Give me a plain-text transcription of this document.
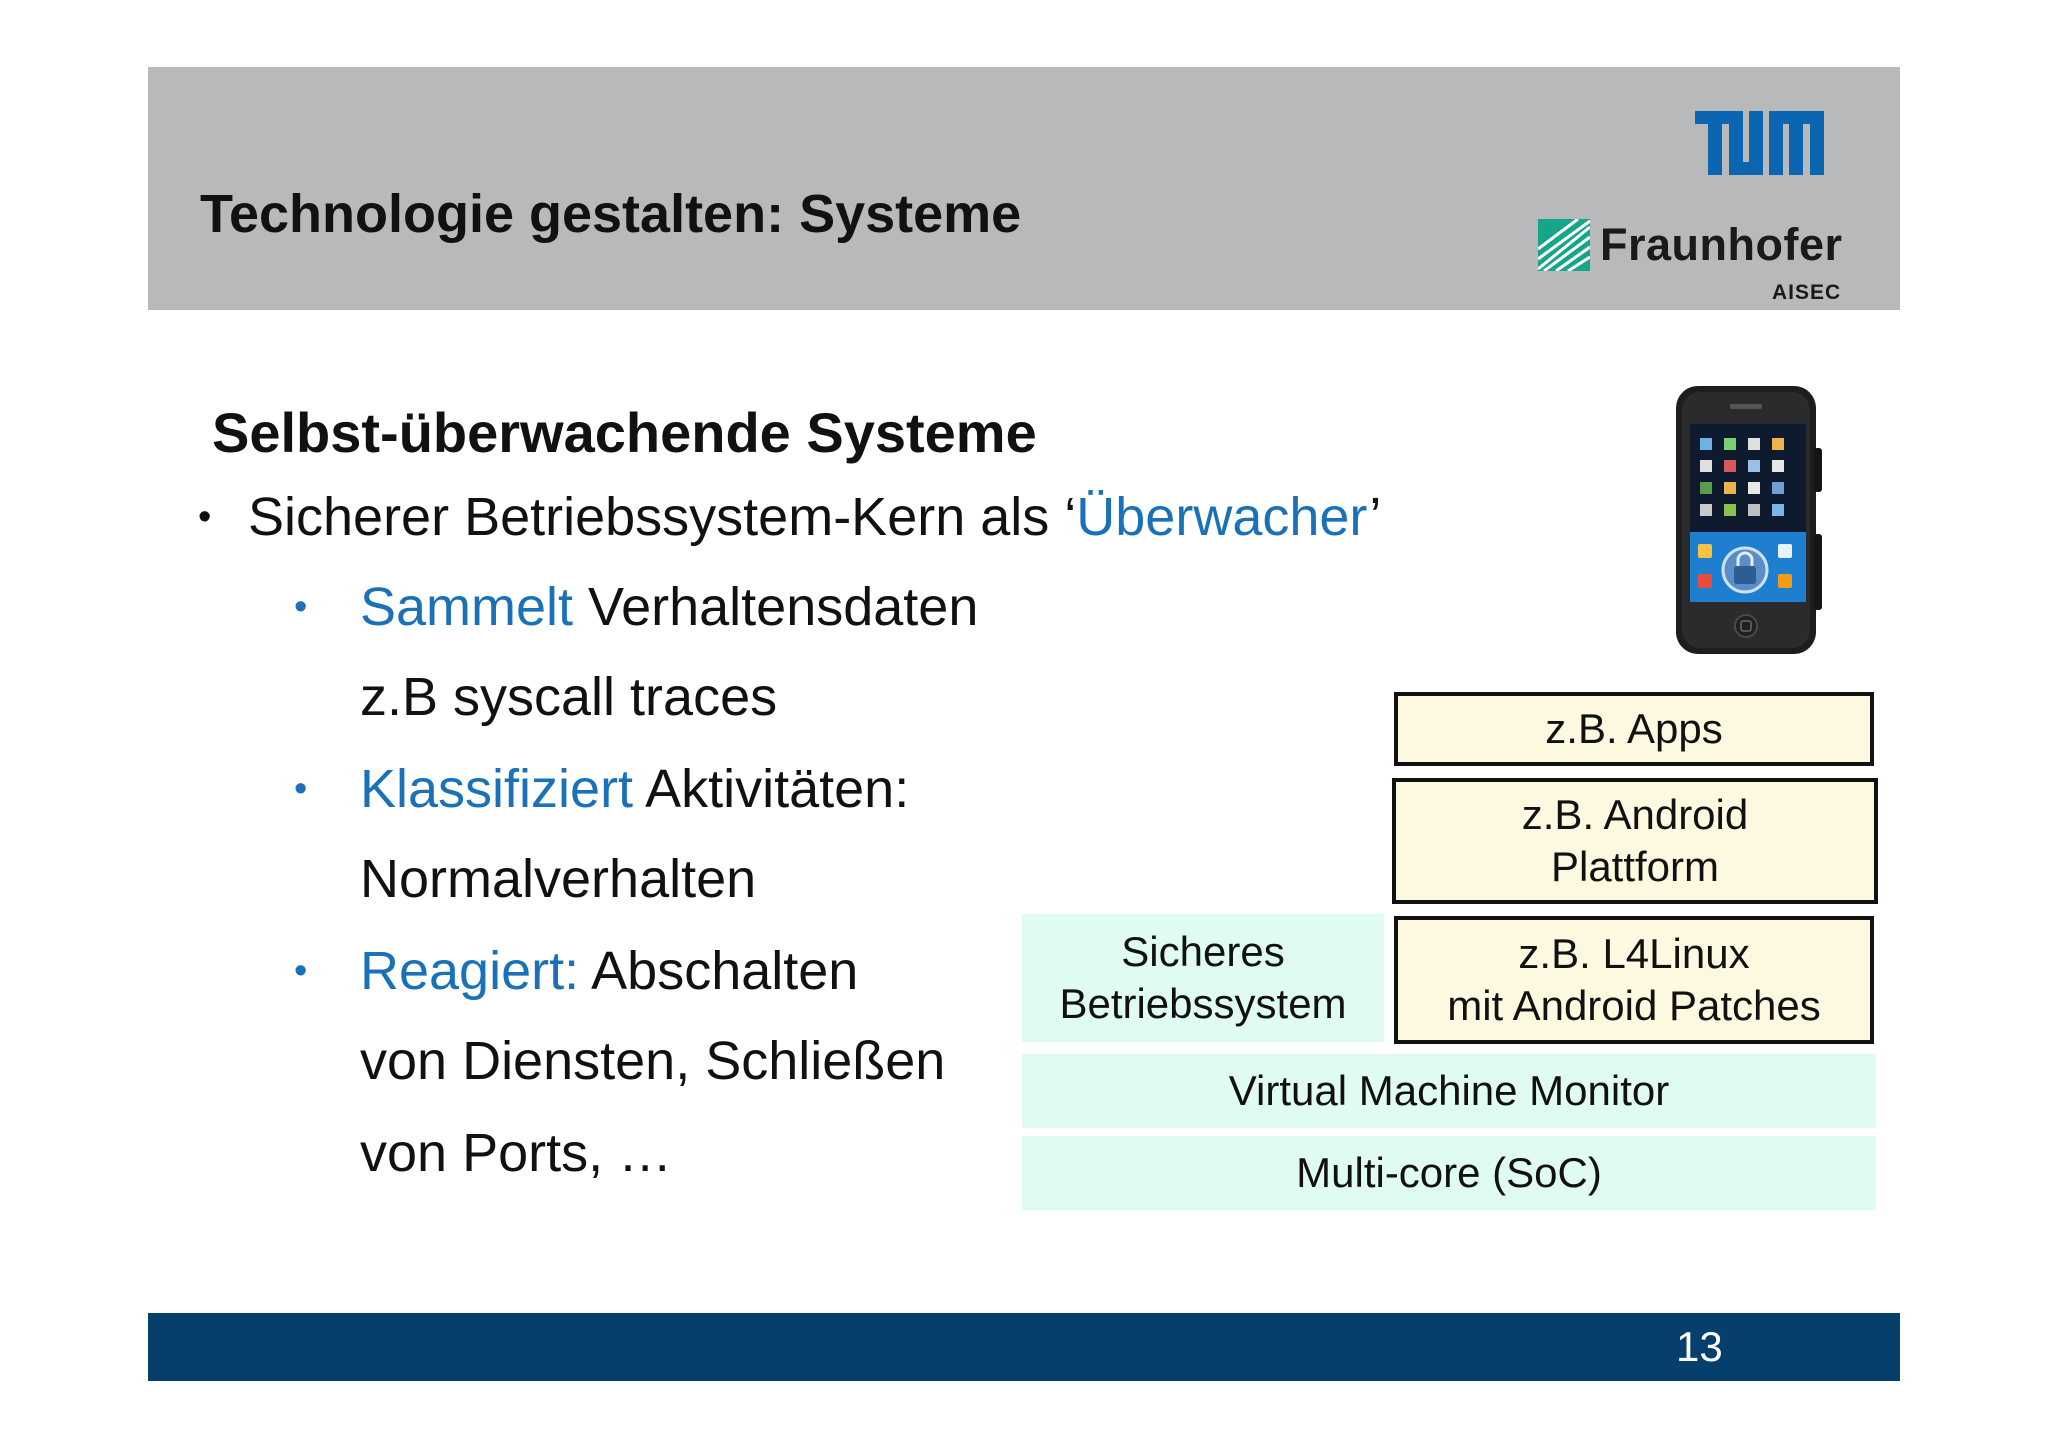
Technologie gestalten: Systeme
Fraunhofer
AISEC
Selbst-überwachende Systeme
• Sicherer Betriebssystem-Kern als ‘Überwacher’
• Sammelt Verhaltensdaten
z.B syscall traces
• Klassifiziert Aktivitäten:
Normalverhalten
• Reagiert: Abschalten
von Diensten, Schließen
von Ports, …
z.B. Apps
z.B. Android
Plattform
Sicheres
Betriebssystem
z.B. L4Linux
mit Android Patches
Virtual Machine Monitor
Multi-core (SoC)
13
